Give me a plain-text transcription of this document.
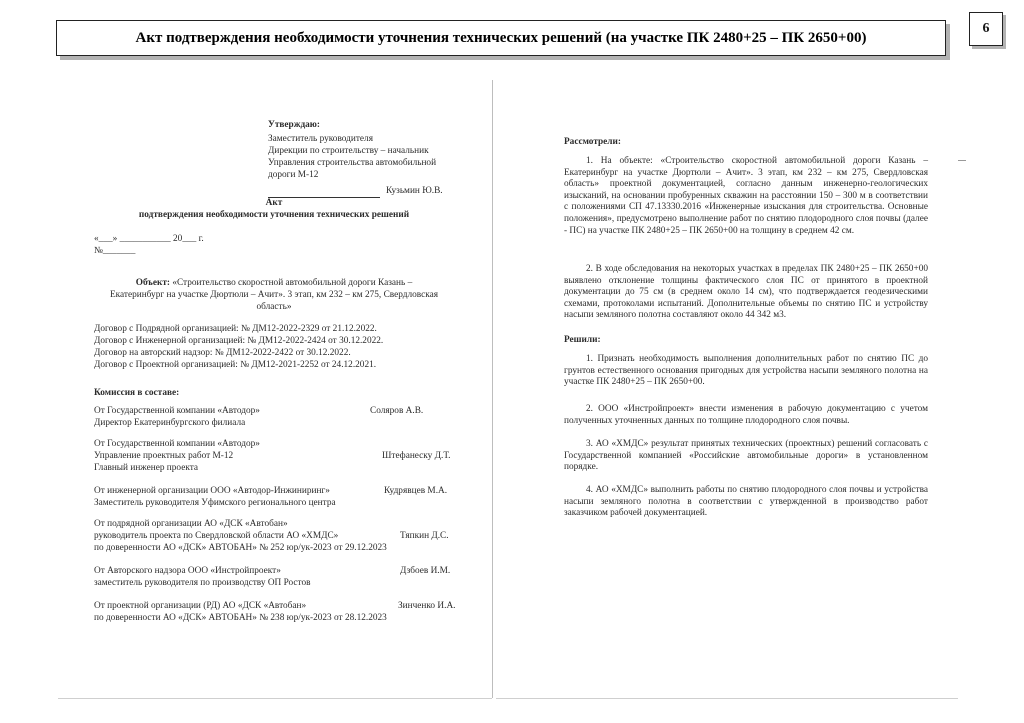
Акт подтверждения необходимости уточнения технических решений (на участке ПК 2480+25 – ПК 2650+00)
6
Утверждаю:
Заместитель руководителя
Дирекции по строительству – начальник
Управления строительства автомобильной
дороги М-12
Кузьмин Ю.В.
Акт
подтверждения необходимости уточнения технических решений
«___» ___________ 20___ г.
№_______
Объект: «Строительство скоростной автомобильной дороги Казань –
Екатеринбург на участке Дюртюли – Ачит». 3 этап, км 232 – км 275, Свердловская
область»
Договор с Подрядной организацией: № ДМ12-2022-2329 от 21.12.2022.
Договор с Инженерной организацией: № ДМ12-2022-2424 от 30.12.2022.
Договор на авторский надзор: № ДМ12-2022-2422 от 30.12.2022.
Договор с Проектной организацией: № ДМ12-2021-2252 от 24.12.2021.
Комиссия в составе:
От Государственной компании «Автодор»
Директор Екатеринбургского филиала
Соляров А.В.
От Государственной компании «Автодор»
Управление проектных работ М-12
Главный инженер проекта
Штефанеску Д.Т.
От инженерной организации ООО «Автодор-Инжиниринг»
Заместитель руководителя Уфимского регионального центра
Кудрявцев М.А.
От подрядной организации АО «ДСК «Автобан»
руководитель проекта по Свердловской области АО «ХМДС»
по доверенности АО «ДСК» АВТОБАН» № 252 юр/ук-2023 от 29.12.2023
Тяпкин Д.С.
От Авторского надзора ООО «Инстройпроект»
заместитель руководителя по производству ОП Ростов
Дзбоев И.М.
От проектной организации (РД) АО «ДСК «Автобан»
по доверенности АО «ДСК» АВТОБАН» № 238 юр/ук-2023 от 28.12.2023
Зинченко И.А.
Рассмотрели:
1. На объекте: «Строительство скоростной автомобильной дороги Казань – Екатеринбург на участке Дюртюли – Ачит». 3 этап, км 232 – км 275, Свердловская область» проектной документацией, согласно данным инженерно-геологических изысканий, на основании пробуренных скважин на расстоянии 150 – 300 м в соответствии с положениями СП 47.13330.2016 «Инженерные изыскания для строительства. Основные положения», предусмотрено выполнение работ по снятию плодородного слоя почвы (далее - ПС) на участке ПК 2480+25 – ПК 2650+00 на толщину в среднем 42 см.
2. В ходе обследования на некоторых участках в пределах ПК 2480+25 – ПК 2650+00 выявлено отклонение толщины фактического слоя ПС от принятого в проектной документации до 75 см (в среднем около 14 см), что подтверждается геодезическими схемами, протоколами испытаний. Дополнительные объемы по снятию ПС и устройству насыпи земляного полотна составляют около 44 342 м3.
Решили:
1. Признать необходимость выполнения дополнительных работ по снятию ПС до грунтов естественного основания пригодных для устройства насыпи земляного полотна на участке ПК 2480+25 – ПК 2650+00.
2. ООО «Инстройпроект» внести изменения в рабочую документацию с учетом полученных уточненных данных по толщине плодородного слоя почвы.
3. АО «ХМДС» результат принятых технических (проектных) решений согласовать с Государственной компанией «Российские автомобильные дороги» в установленном порядке.
4. АО «ХМДС» выполнить работы по снятию плодородного слоя почвы и устройства насыпи земляного полотна в соответствии с утвержденной в производство работ заказчиком рабочей документацией.
